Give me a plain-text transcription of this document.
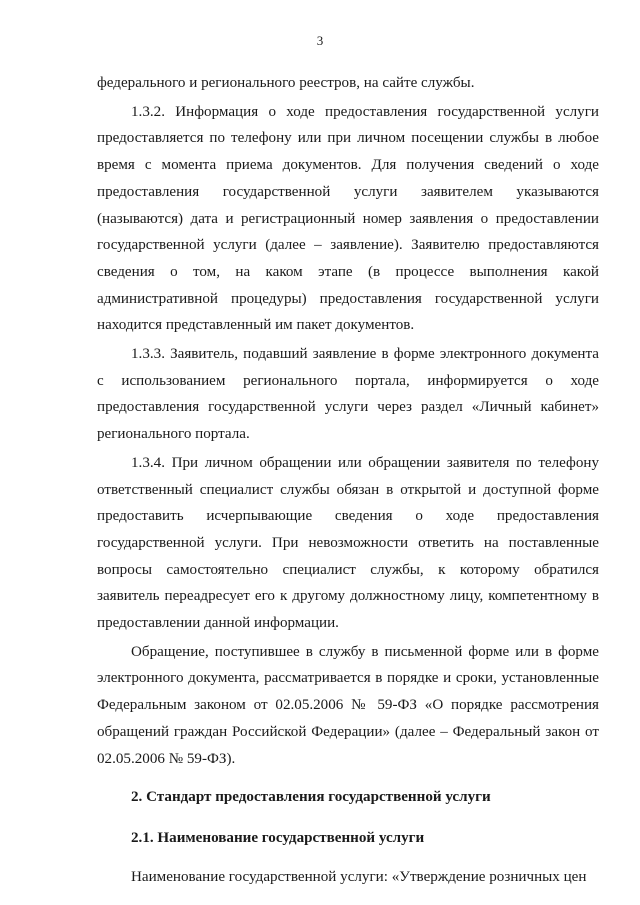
3

федерального и регионального реестров, на сайте службы.

1.3.2. Информация о ходе предоставления государственной услуги предоставляется по телефону или при личном посещении службы в любое время с момента приема документов. Для получения сведений о ходе предоставления государственной услуги заявителем указываются (называются) дата и регистрационный номер заявления о предоставлении государственной услуги (далее – заявление). Заявителю предоставляются сведения о том, на каком этапе (в процессе выполнения какой административной процедуры) предоставления государственной услуги находится представленный им пакет документов.

1.3.3. Заявитель, подавший заявление в форме электронного документа с использованием регионального портала, информируется о ходе предоставления государственной услуги через раздел «Личный кабинет» регионального портала.

1.3.4. При личном обращении или обращении заявителя по телефону ответственный специалист службы обязан в открытой и доступной форме предоставить исчерпывающие сведения о ходе предоставления государственной услуги. При невозможности ответить на поставленные вопросы самостоятельно специалист службы, к которому обратился заявитель переадресует его к другому должностному лицу, компетентному в предоставлении данной информации.

Обращение, поступившее в службу в письменной форме или в форме электронного документа, рассматривается в порядке и сроки, установленные Федеральным законом от 02.05.2006 № 59-ФЗ «О порядке рассмотрения обращений граждан Российской Федерации» (далее – Федеральный закон от 02.05.2006 № 59-ФЗ).

2. Стандарт предоставления государственной услуги

2.1. Наименование государственной услуги

Наименование государственной услуги: «Утверждение розничных цен
